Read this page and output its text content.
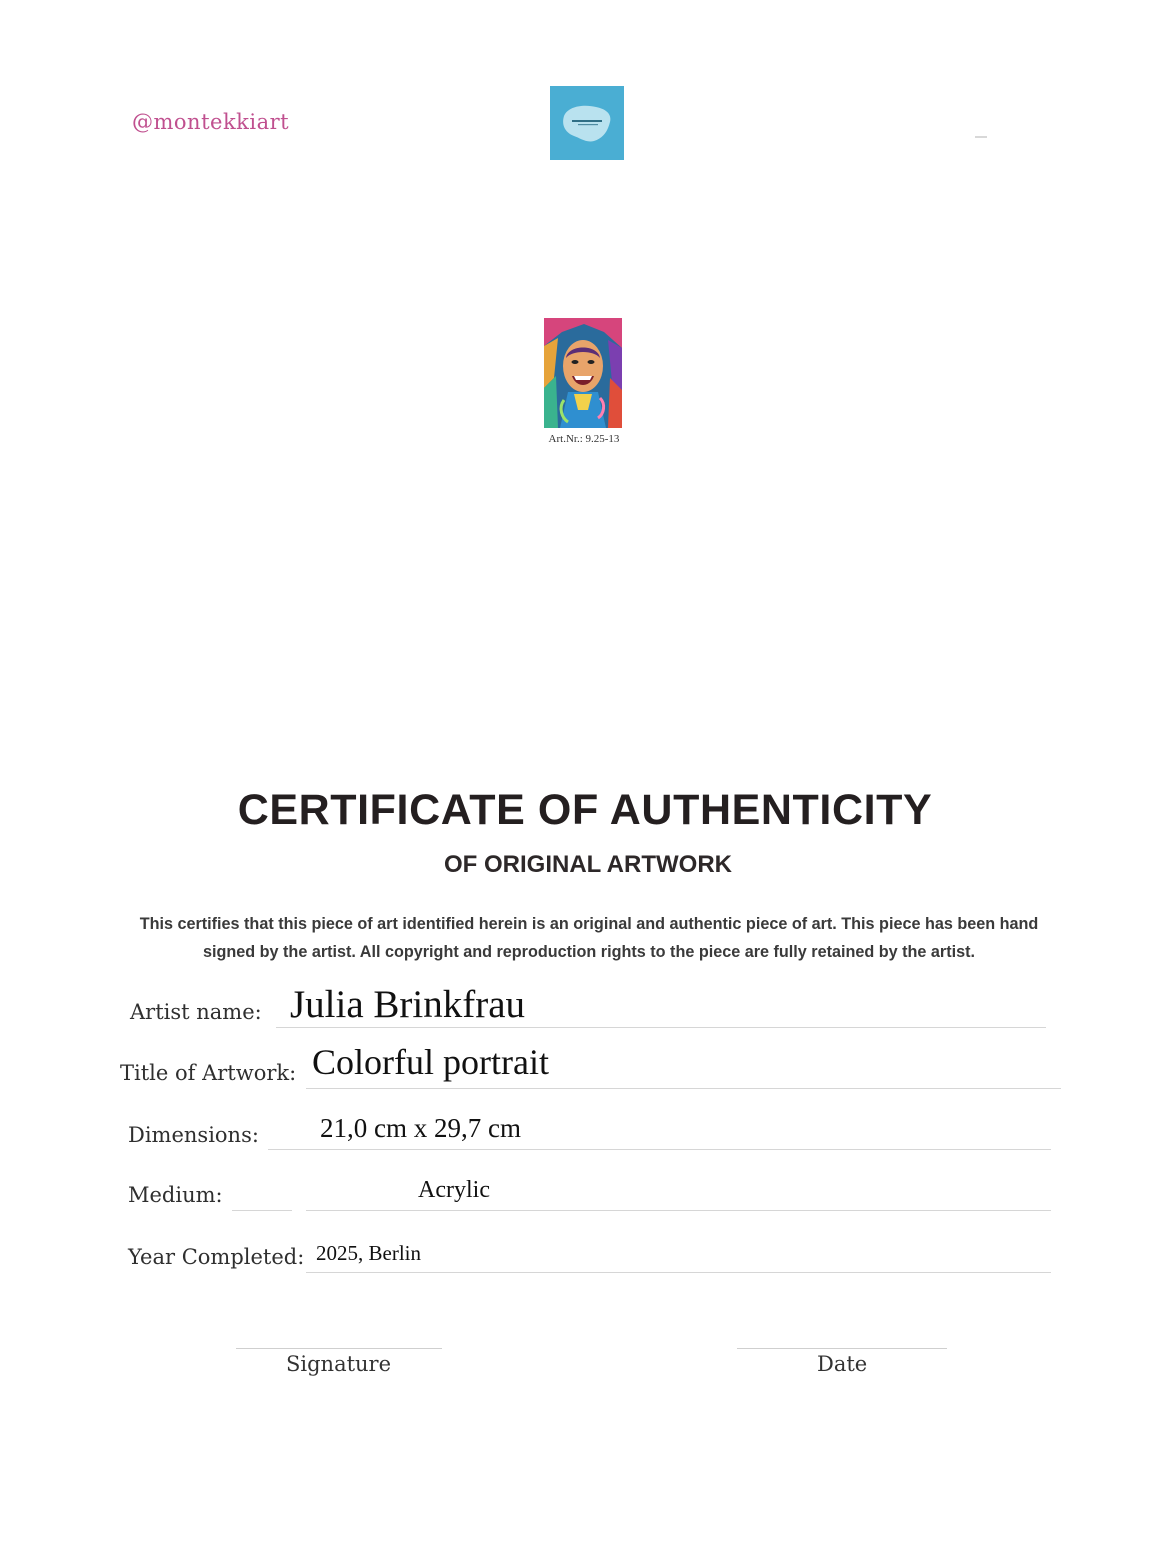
@montekkiart
Art.Nr.: 9.25-13
CERTIFICATE OF AUTHENTICITY
OF ORIGINAL ARTWORK
This certifies that this piece of art identified herein is an original and authentic piece of art. This piece has been hand signed by the artist. All copyright and reproduction rights to the piece are fully retained by the artist.
Artist name: Julia Brinkfrau
Title of Artwork: Colorful portrait
Dimensions: 21,0 cm x 29,7 cm
Medium:	Acrylic
Year Completed: 2025, Berlin
Signature	Date
